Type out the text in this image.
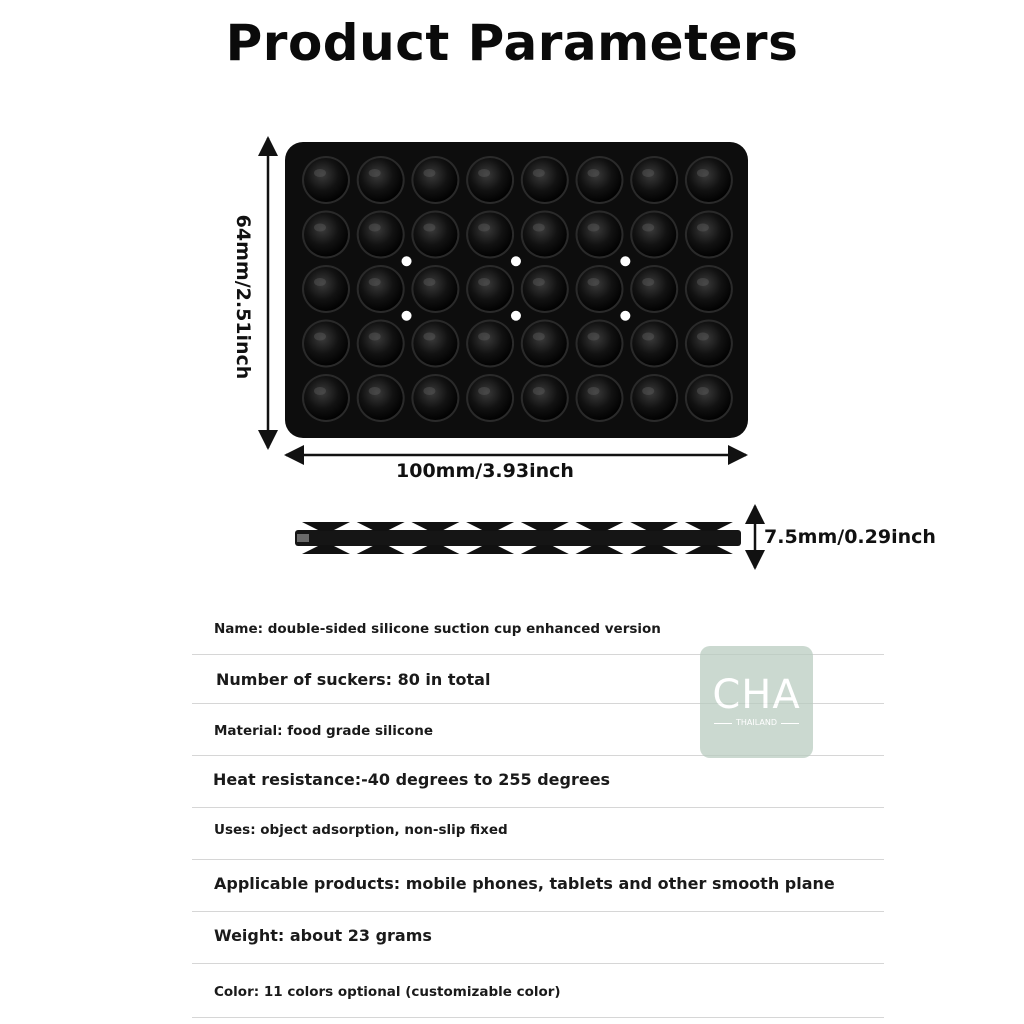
Product Parameters
64mm/2.51inch
100mm/3.93inch
7.5mm/0.29inch
Name: double-sided silicone suction cup enhanced version
Number of suckers: 80 in total
Material: food grade silicone
Heat resistance:-40 degrees to 255 degrees
Uses: object adsorption, non-slip fixed
Applicable products: mobile phones, tablets and other smooth plane
Weight: about 23 grams
Color: 11 colors optional (customizable color)
CHA
THAILAND
